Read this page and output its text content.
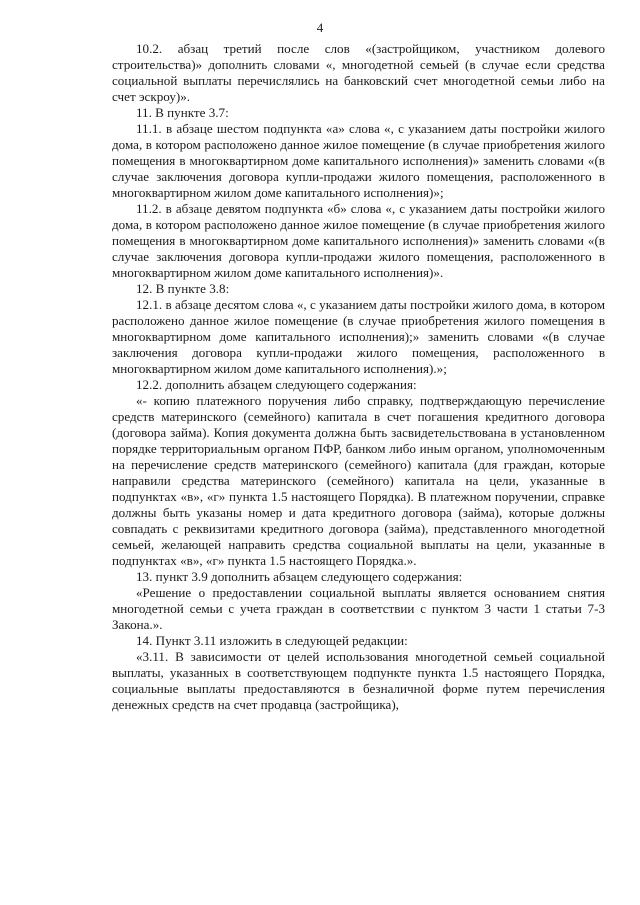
4

10.2. абзац третий после слов «(застройщиком, участником долевого строительства)» дополнить словами «, многодетной семьей (в случае если средства социальной выплаты перечислялись на банковский счет многодетной семьи либо на счет эскроу)».

11. В пункте 3.7:

11.1. в абзаце шестом подпункта «а» слова «, с указанием даты постройки жилого дома, в котором расположено данное жилое помещение (в случае приобретения жилого помещения в многоквартирном доме капитального исполнения)» заменить словами «(в случае заключения договора купли-продажи жилого помещения, расположенного в многоквартирном жилом доме капитального исполнения)»;

11.2. в абзаце девятом подпункта «б» слова «, с указанием даты постройки жилого дома, в котором расположено данное жилое помещение (в случае приобретения жилого помещения в многоквартирном доме капитального исполнения)» заменить словами «(в случае заключения договора купли-продажи жилого помещения, расположенного в многоквартирном жилом доме капитального исполнения)».

12. В пункте 3.8:

12.1. в абзаце десятом слова «, с указанием даты постройки жилого дома, в котором расположено данное жилое помещение (в случае приобретения жилого помещения в многоквартирном доме капитального исполнения);» заменить словами «(в случае заключения договора купли-продажи жилого помещения, расположенного в многоквартирном жилом доме капитального исполнения).»;

12.2. дополнить абзацем следующего содержания:

«- копию платежного поручения либо справку, подтверждающую перечисление средств материнского (семейного) капитала в счет погашения кредитного договора (договора займа). Копия документа должна быть засвидетельствована в установленном порядке территориальным органом ПФР, банком либо иным органом, уполномоченным на перечисление средств материнского (семейного) капитала (для граждан, которые направили средства материнского (семейного) капитала на цели, указанные в подпунктах «в», «г» пункта 1.5 настоящего Порядка). В платежном поручении, справке должны быть указаны номер и дата кредитного договора (займа), которые должны совпадать с реквизитами кредитного договора (займа), представленного многодетной семьей, желающей направить средства социальной выплаты на цели, указанные в подпунктах «в», «г» пункта 1.5 настоящего Порядка.».

13. пункт 3.9 дополнить абзацем следующего содержания:

«Решение о предоставлении социальной выплаты является основанием снятия многодетной семьи с учета граждан в соответствии с пунктом 3 части 1 статьи 7-3 Закона.».

14. Пункт 3.11 изложить в следующей редакции:

«3.11. В зависимости от целей использования многодетной семьей социальной выплаты, указанных в соответствующем подпункте пункта 1.5 настоящего Порядка, социальные выплаты предоставляются в безналичной форме путем перечисления денежных средств на счет продавца (застройщика),
